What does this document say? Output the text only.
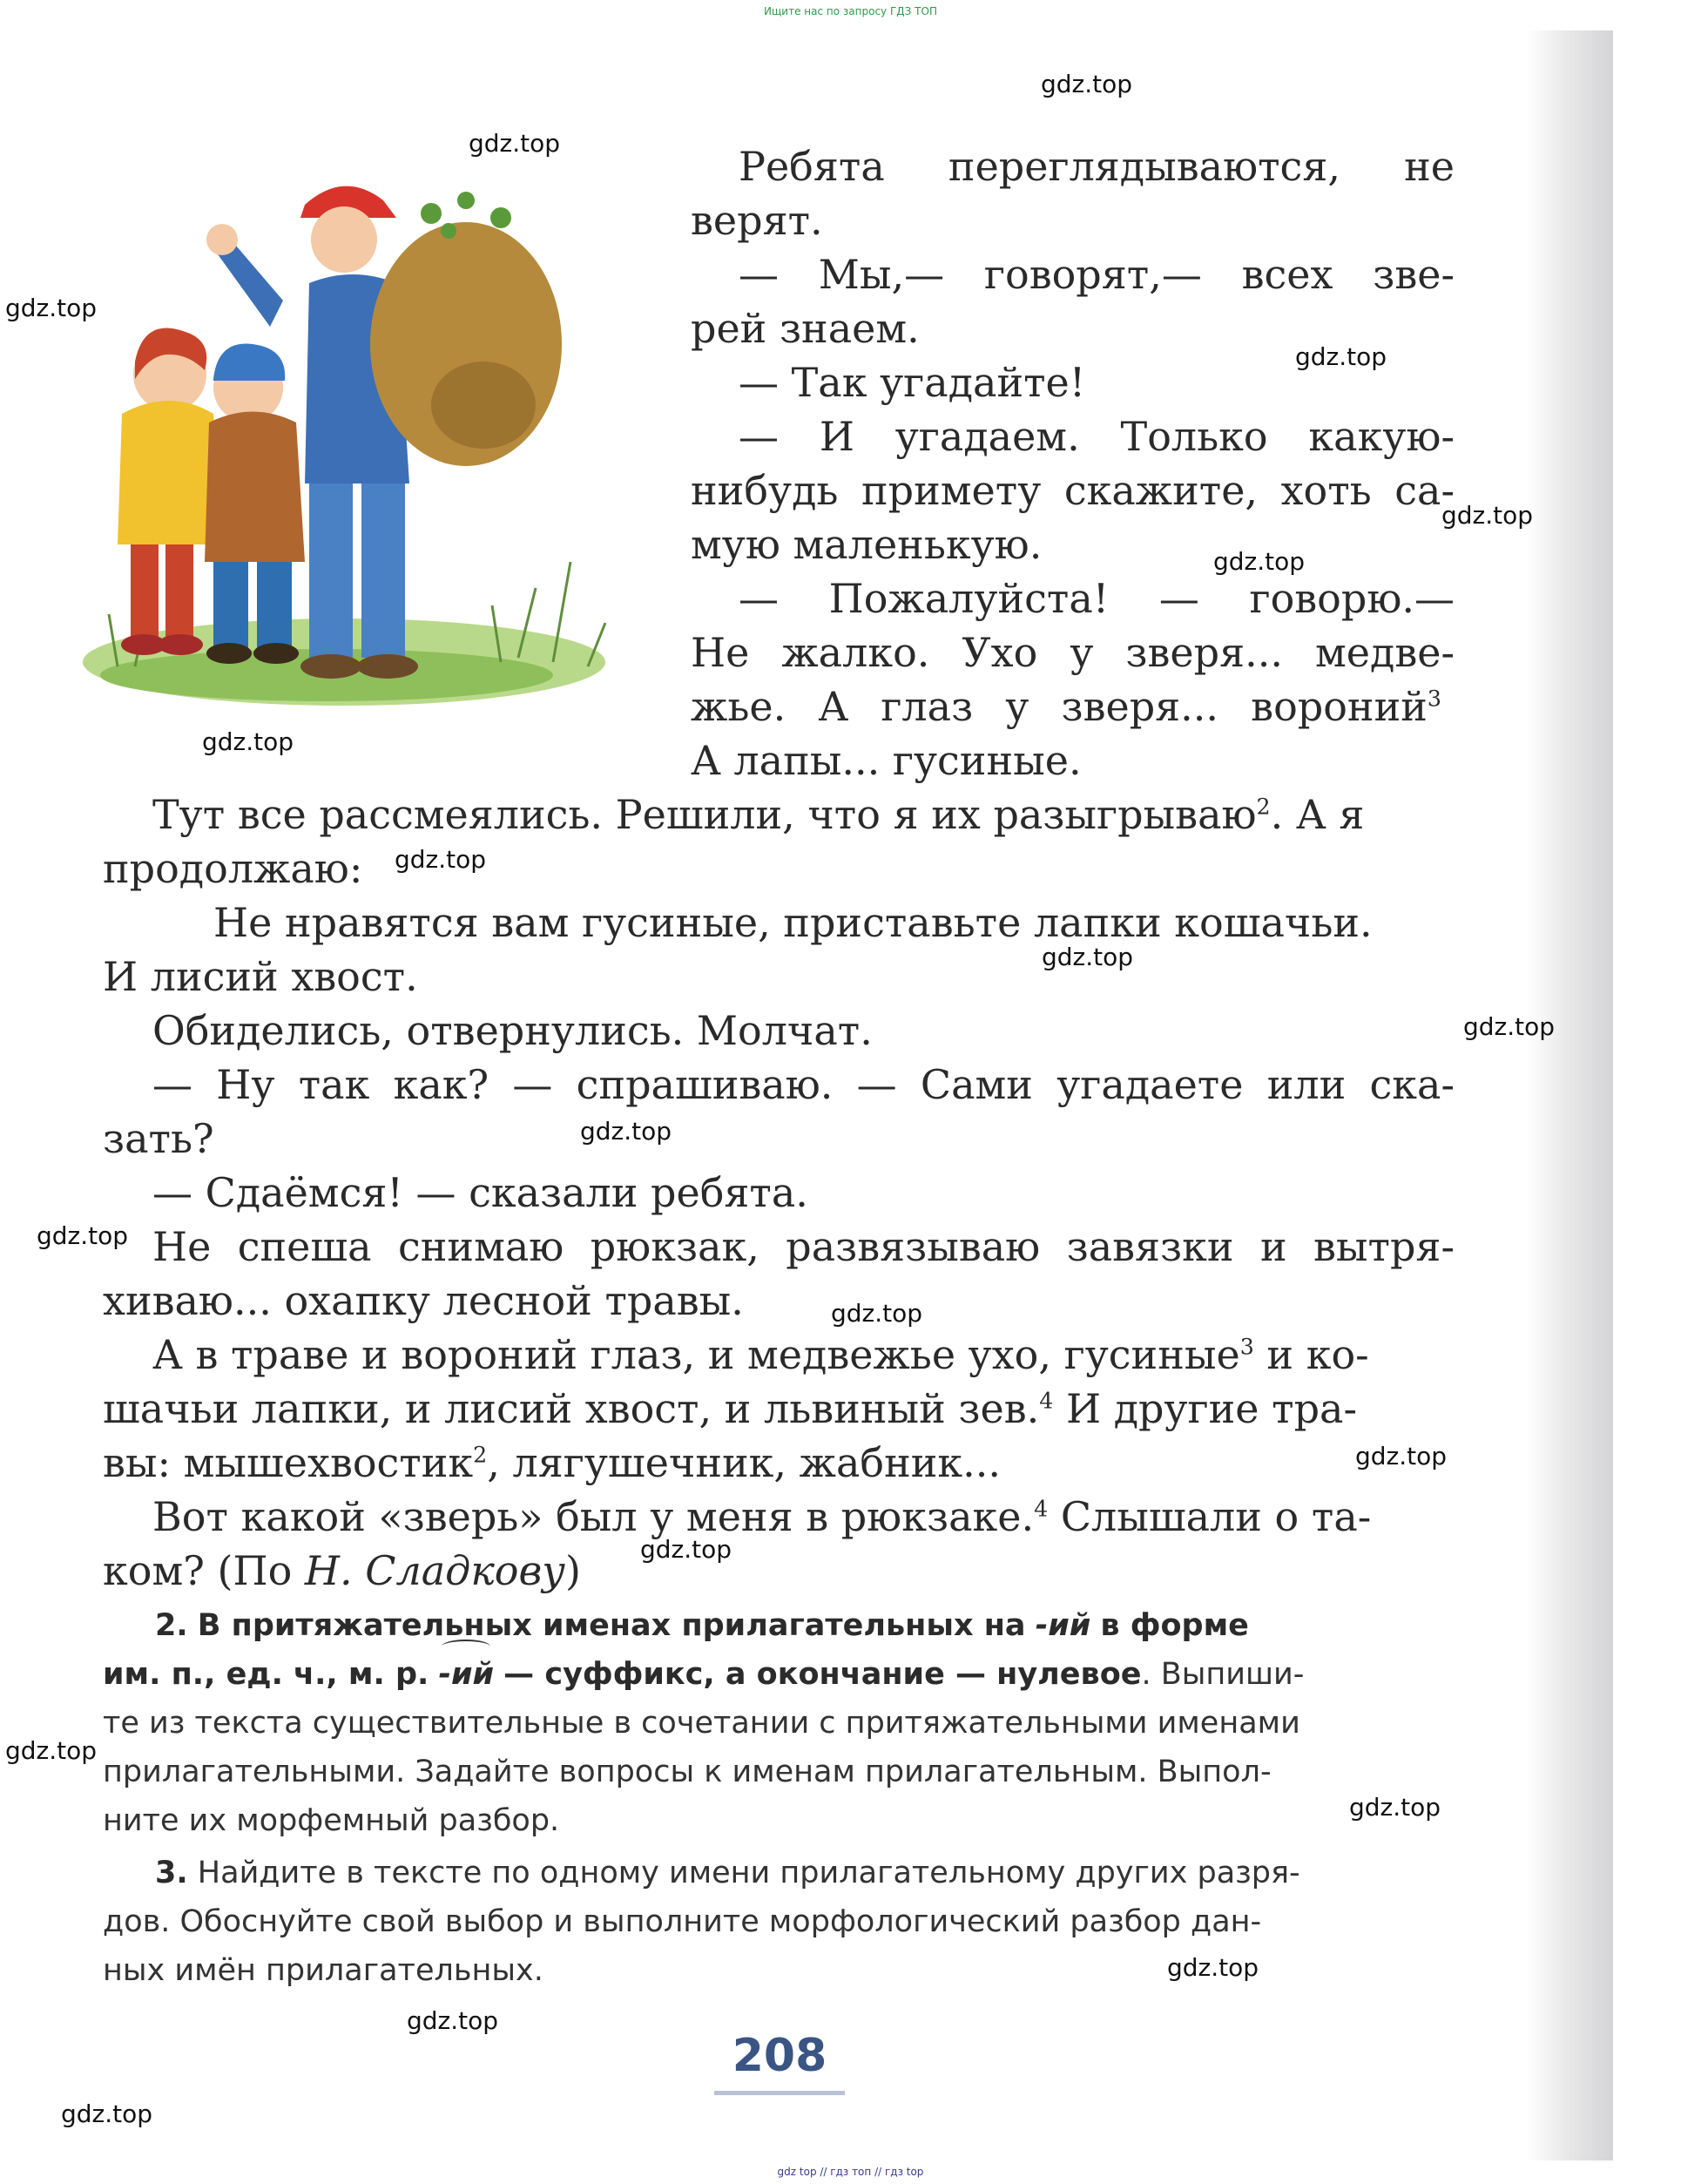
Ищите нас по запросу ГДЗ ТОП
Ребята переглядываются, не
верят.
— Мы,— говорят,— всех зве-
рей знаем.
— Так угадайте!
— И угадаем. Только какую-
нибудь примету скажите, хоть са-
мую маленькую.
— Пожалуйста! — говорю.—
Не жалко. Ухо у зверя... медве-
жье. А глаз у зверя... вороний$^3$
А лапы... гусиные.
Тут все рассмеялись. Решили, что я их разыгрываю$^2$. А я
продолжаю:
Не нравятся вам гусиные, приставьте лапки кошачьи.
И лисий хвост.
Обиделись, отвернулись. Молчат.
— Ну так как? — спрашиваю. — Сами угадаете или ска-
зать?
— Сдаёмся! — сказали ребята.
Не спеша снимаю рюкзак, развязываю завязки и вытря-
хиваю... охапку лесной травы.
А в траве и вороний глаз, и медвежье ухо, гусиные$^3$ и ко-
шачьи лапки, и лисий хвост, и львиный зев.$^4$ И другие тра-
вы: мышехвостик$^2$, лягушечник, жабник...
Вот какой «зверь» был у меня в рюкзаке.$^4$ Слышали о та-
ком? (По Н. Сладкову)
2. В притяжательных именах прилагательных на -ий в форме
им. п., ед. ч., м. р. -ий — суффикс, а окончание — нулевое. Выпиши-
те из текста существительные в сочетании с притяжательными именами
прилагательными. Задайте вопросы к именам прилагательным. Выпол-
ните их морфемный разбор.
3. Найдите в тексте по одному имени прилагательному других разря-
дов. Обоснуйте свой выбор и выполните морфологический разбор дан-
ных имён прилагательных.
208
gdz.top
gdz.top
gdz.top
gdz.top
gdz.top
gdz.top
gdz.top
gdz.top
gdz.top
gdz.top
gdz.top
gdz.top
gdz.top
gdz.top
gdz.top
gdz.top
gdz.top
gdz.top
gdz.top
gdz.top
gdz top // гдз топ // гдз top
